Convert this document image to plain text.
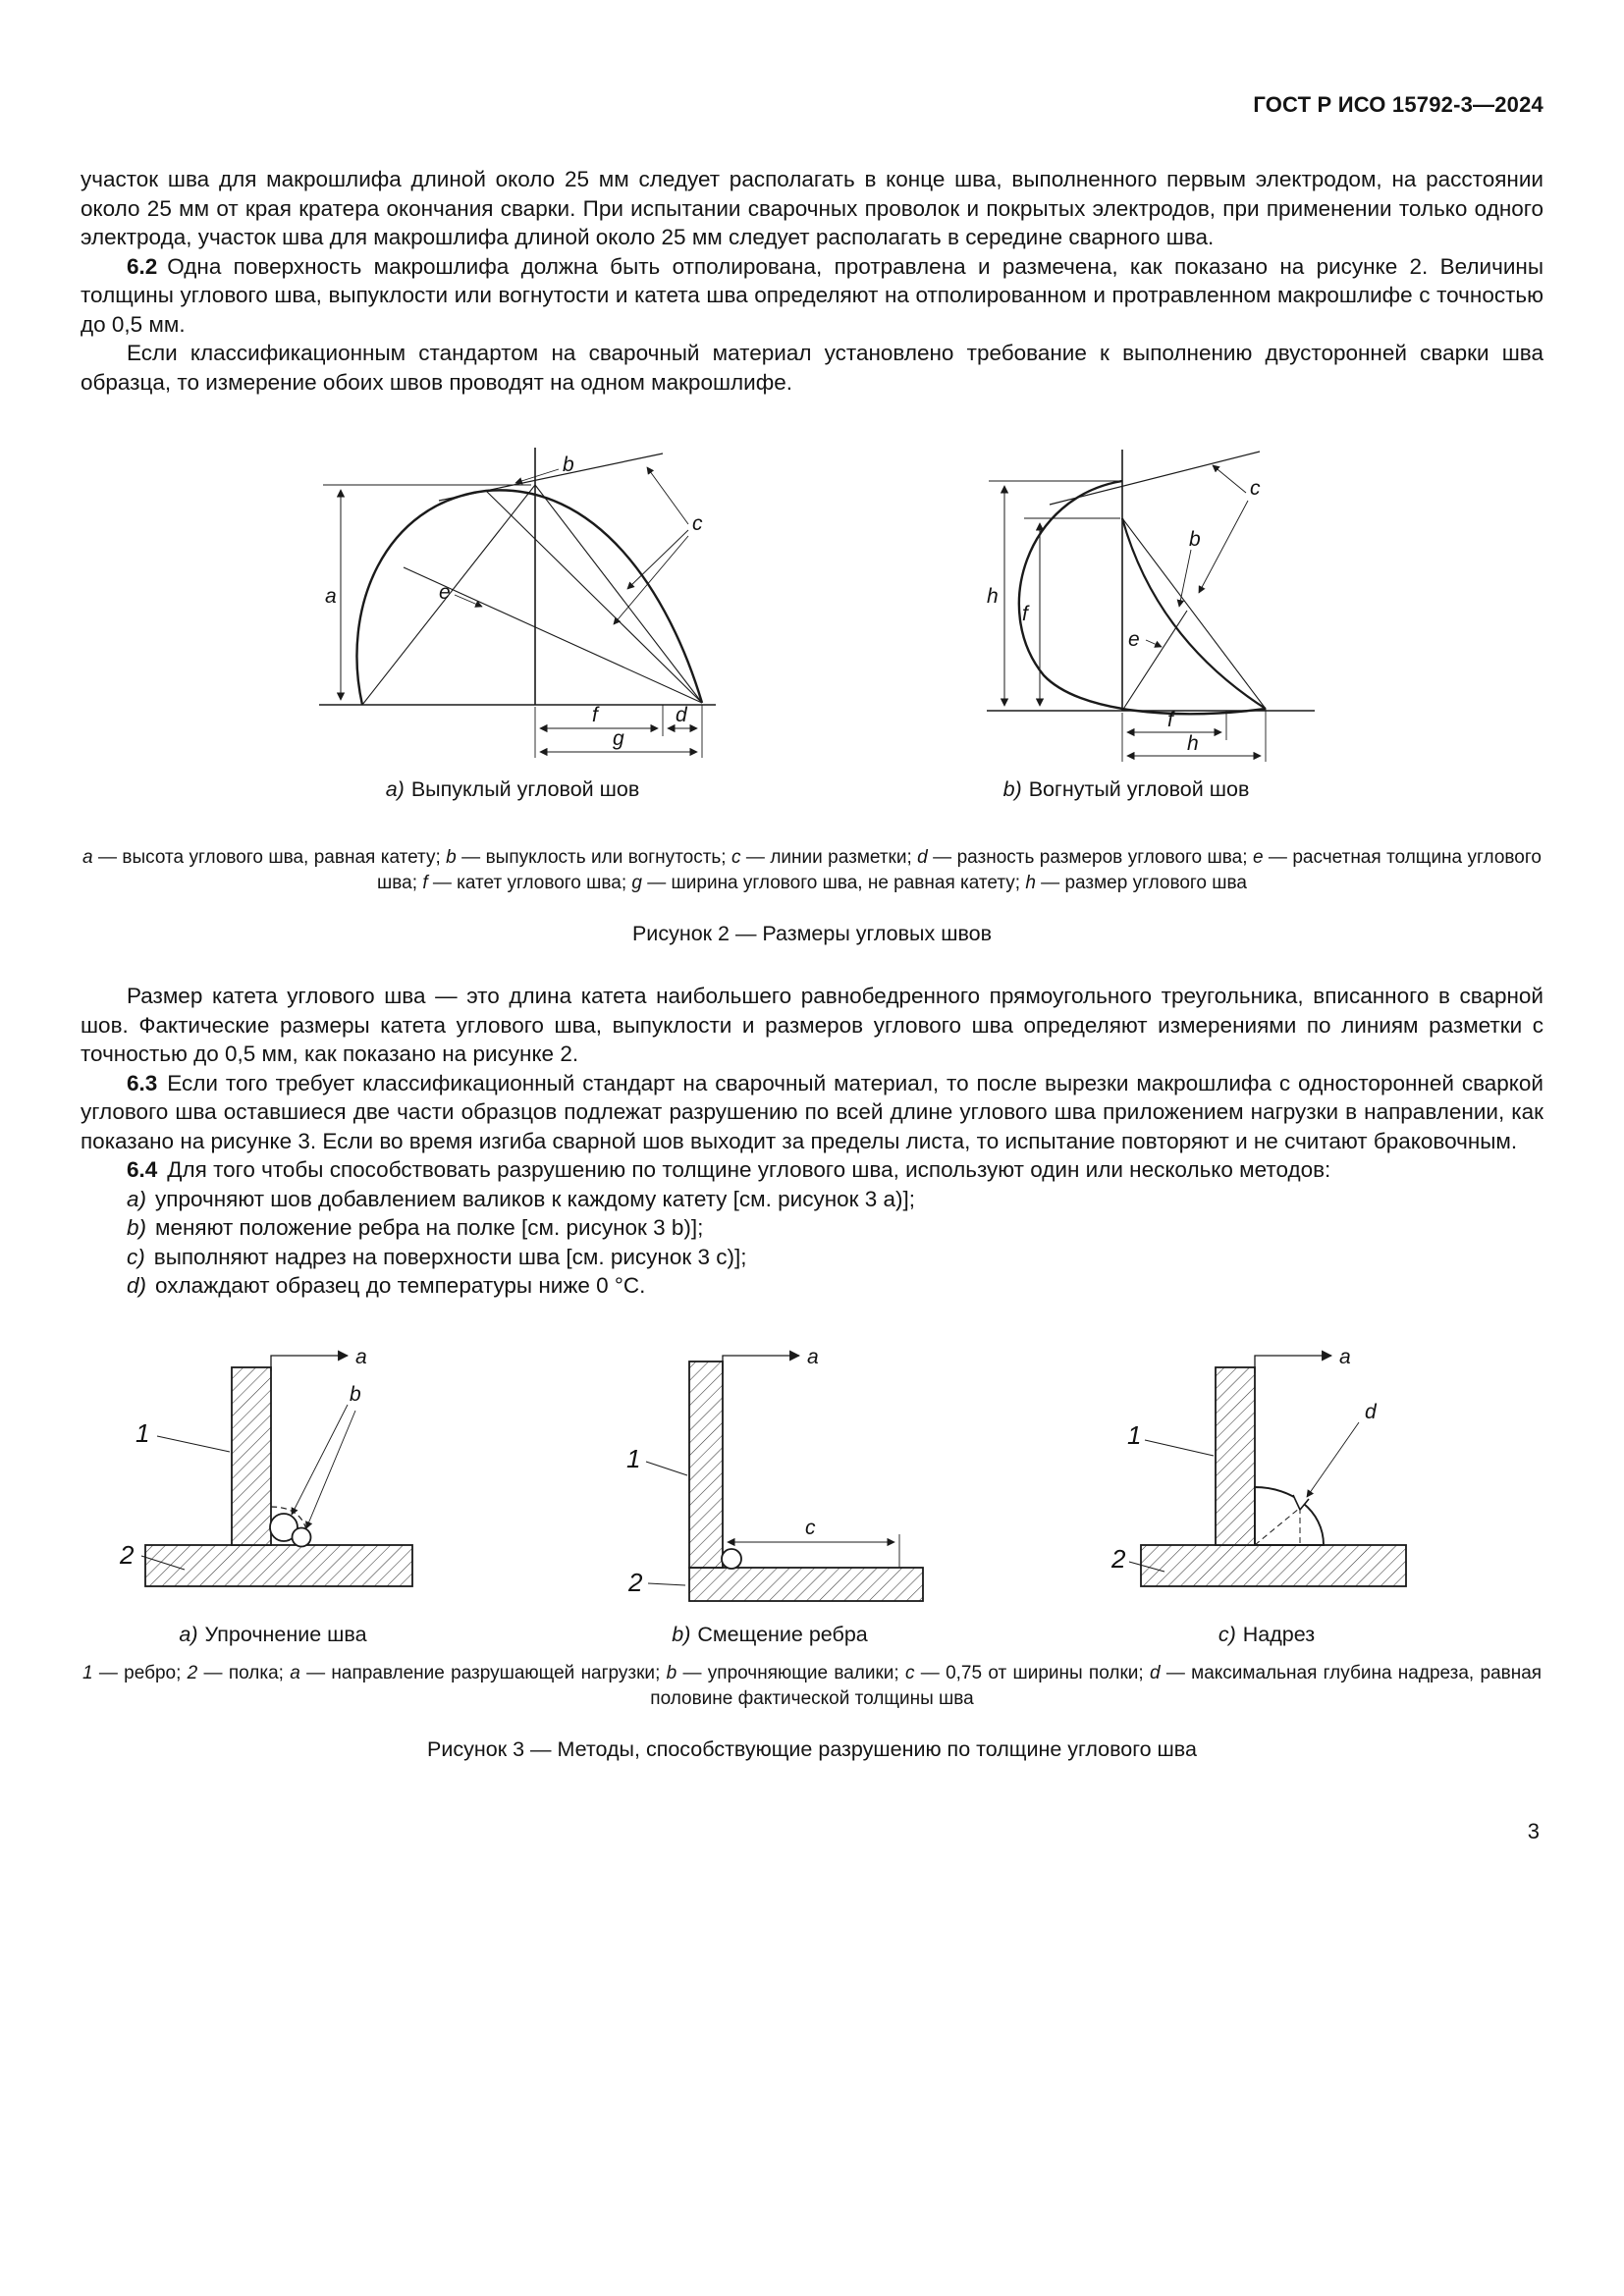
ГОСТ Р ИСО 15792-3—2024

участок шва для макрошлифа длиной около 25 мм следует располагать в конце шва, выполненного первым электродом, на расстоянии около 25 мм от края кратера окончания сварки. При испытании сварочных проволок и покрытых электродов, при применении только одного электрода, участок шва для макрошлифа длиной около 25 мм следует располагать в середине сварного шва.

6.2 Одна поверхность макрошлифа должна быть отполирована, протравлена и размечена, как показано на рисунке 2. Величины толщины углового шва, выпуклости или вогнутости и катета шва определяют на отполированном и протравленном макрошлифе с точностью до 0,5 мм.

Если классификационным стандартом на сварочный материал установлено требование к выполнению двусторонней сварки шва образца, то измерение обоих швов проводят на одном макрошлифе.

a
b
c
e
f	d
g
h
f
c
b
e
f
h
a) Выпуклый угловой шов	b) Вогнутый угловой шов

a — высота углового шва, равная катету; b — выпуклость или вогнутость; c — линии разметки; d — разность размеров углового шва; e — расчетная толщина углового шва; f — катет углового шва; g — ширина углового шва, не равная катету; h — размер углового шва

Рисунок 2 — Размеры угловых швов

Размер катета углового шва — это длина катета наибольшего равнобедренного прямоугольного треугольника, вписанного в сварной шов. Фактические размеры катета углового шва, выпуклости и размеров углового шва определяют измерениями по линиям разметки с точностью до 0,5 мм, как показано на рисунке 2.

6.3 Если того требует классификационный стандарт на сварочный материал, то после вырезки макрошлифа с односторонней сваркой углового шва оставшиеся две части образцов подлежат разрушению по всей длине углового шва приложением нагрузки в направлении, как показано на рисунке 3. Если во время изгиба сварной шов выходит за пределы листа, то испытание повторяют и не считают браковочным.

6.4 Для того чтобы способствовать разрушению по толщине углового шва, используют один или несколько методов:

a) упрочняют шов добавлением валиков к каждому катету [см. рисунок 3 a)];
b) меняют положение ребра на полке [см. рисунок 3 b)];
c) выполняют надрез на поверхности шва [см. рисунок 3 c)];
d) охлаждают образец до температуры ниже 0 °С.
1
2
a
b
1
2
a
c
1
2
a
d
a) Упрочнение шва	b) Смещение ребра	c) Надрез

1 — ребро; 2 — полка; a — направление разрушающей нагрузки; b — упрочняющие валики; c — 0,75 от ширины полки; d — максимальная глубина надреза, равная половине фактической толщины шва

Рисунок 3 — Методы, способствующие разрушению по толщине углового шва
3
